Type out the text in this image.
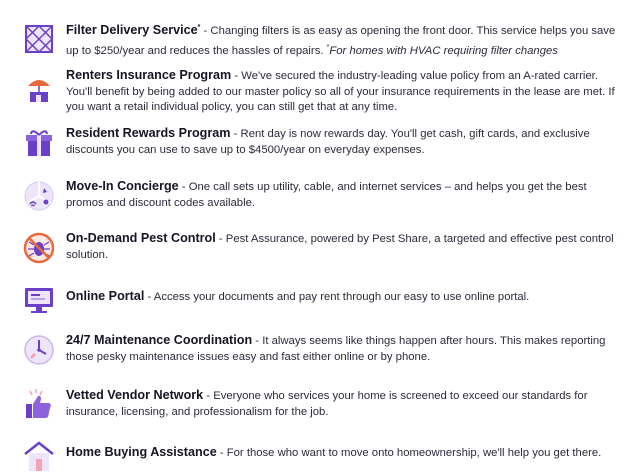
Filter Delivery Service* - Changing filters is as easy as opening the front door. This service helps you save up to $250/year and reduces the hassles of repairs. *For homes with HVAC requiring filter changes
Renters Insurance Program - We've secured the industry-leading value policy from an A-rated carrier. You'll benefit by being added to our master policy so all of your insurance requirements in the lease are met. If you want a retail individual policy, you can still get that at any time.
Resident Rewards Program - Rent day is now rewards day. You'll get cash, gift cards, and exclusive discounts you can use to save up to $4500/year on everyday expenses.
Move-In Concierge - One call sets up utility, cable, and internet services – and helps you get the best promos and discount codes available.
On-Demand Pest Control - Pest Assurance, powered by Pest Share, a targeted and effective pest control solution.
Online Portal - Access your documents and pay rent through our easy to use online portal.
24/7 Maintenance Coordination - It always seems like things happen after hours. This makes reporting those pesky maintenance issues easy and fast either online or by phone.
Vetted Vendor Network - Everyone who services your home is screened to exceed our standards for insurance, licensing, and professionalism for the job.
Home Buying Assistance - For those who want to move onto homeownership, we'll help you get there.
